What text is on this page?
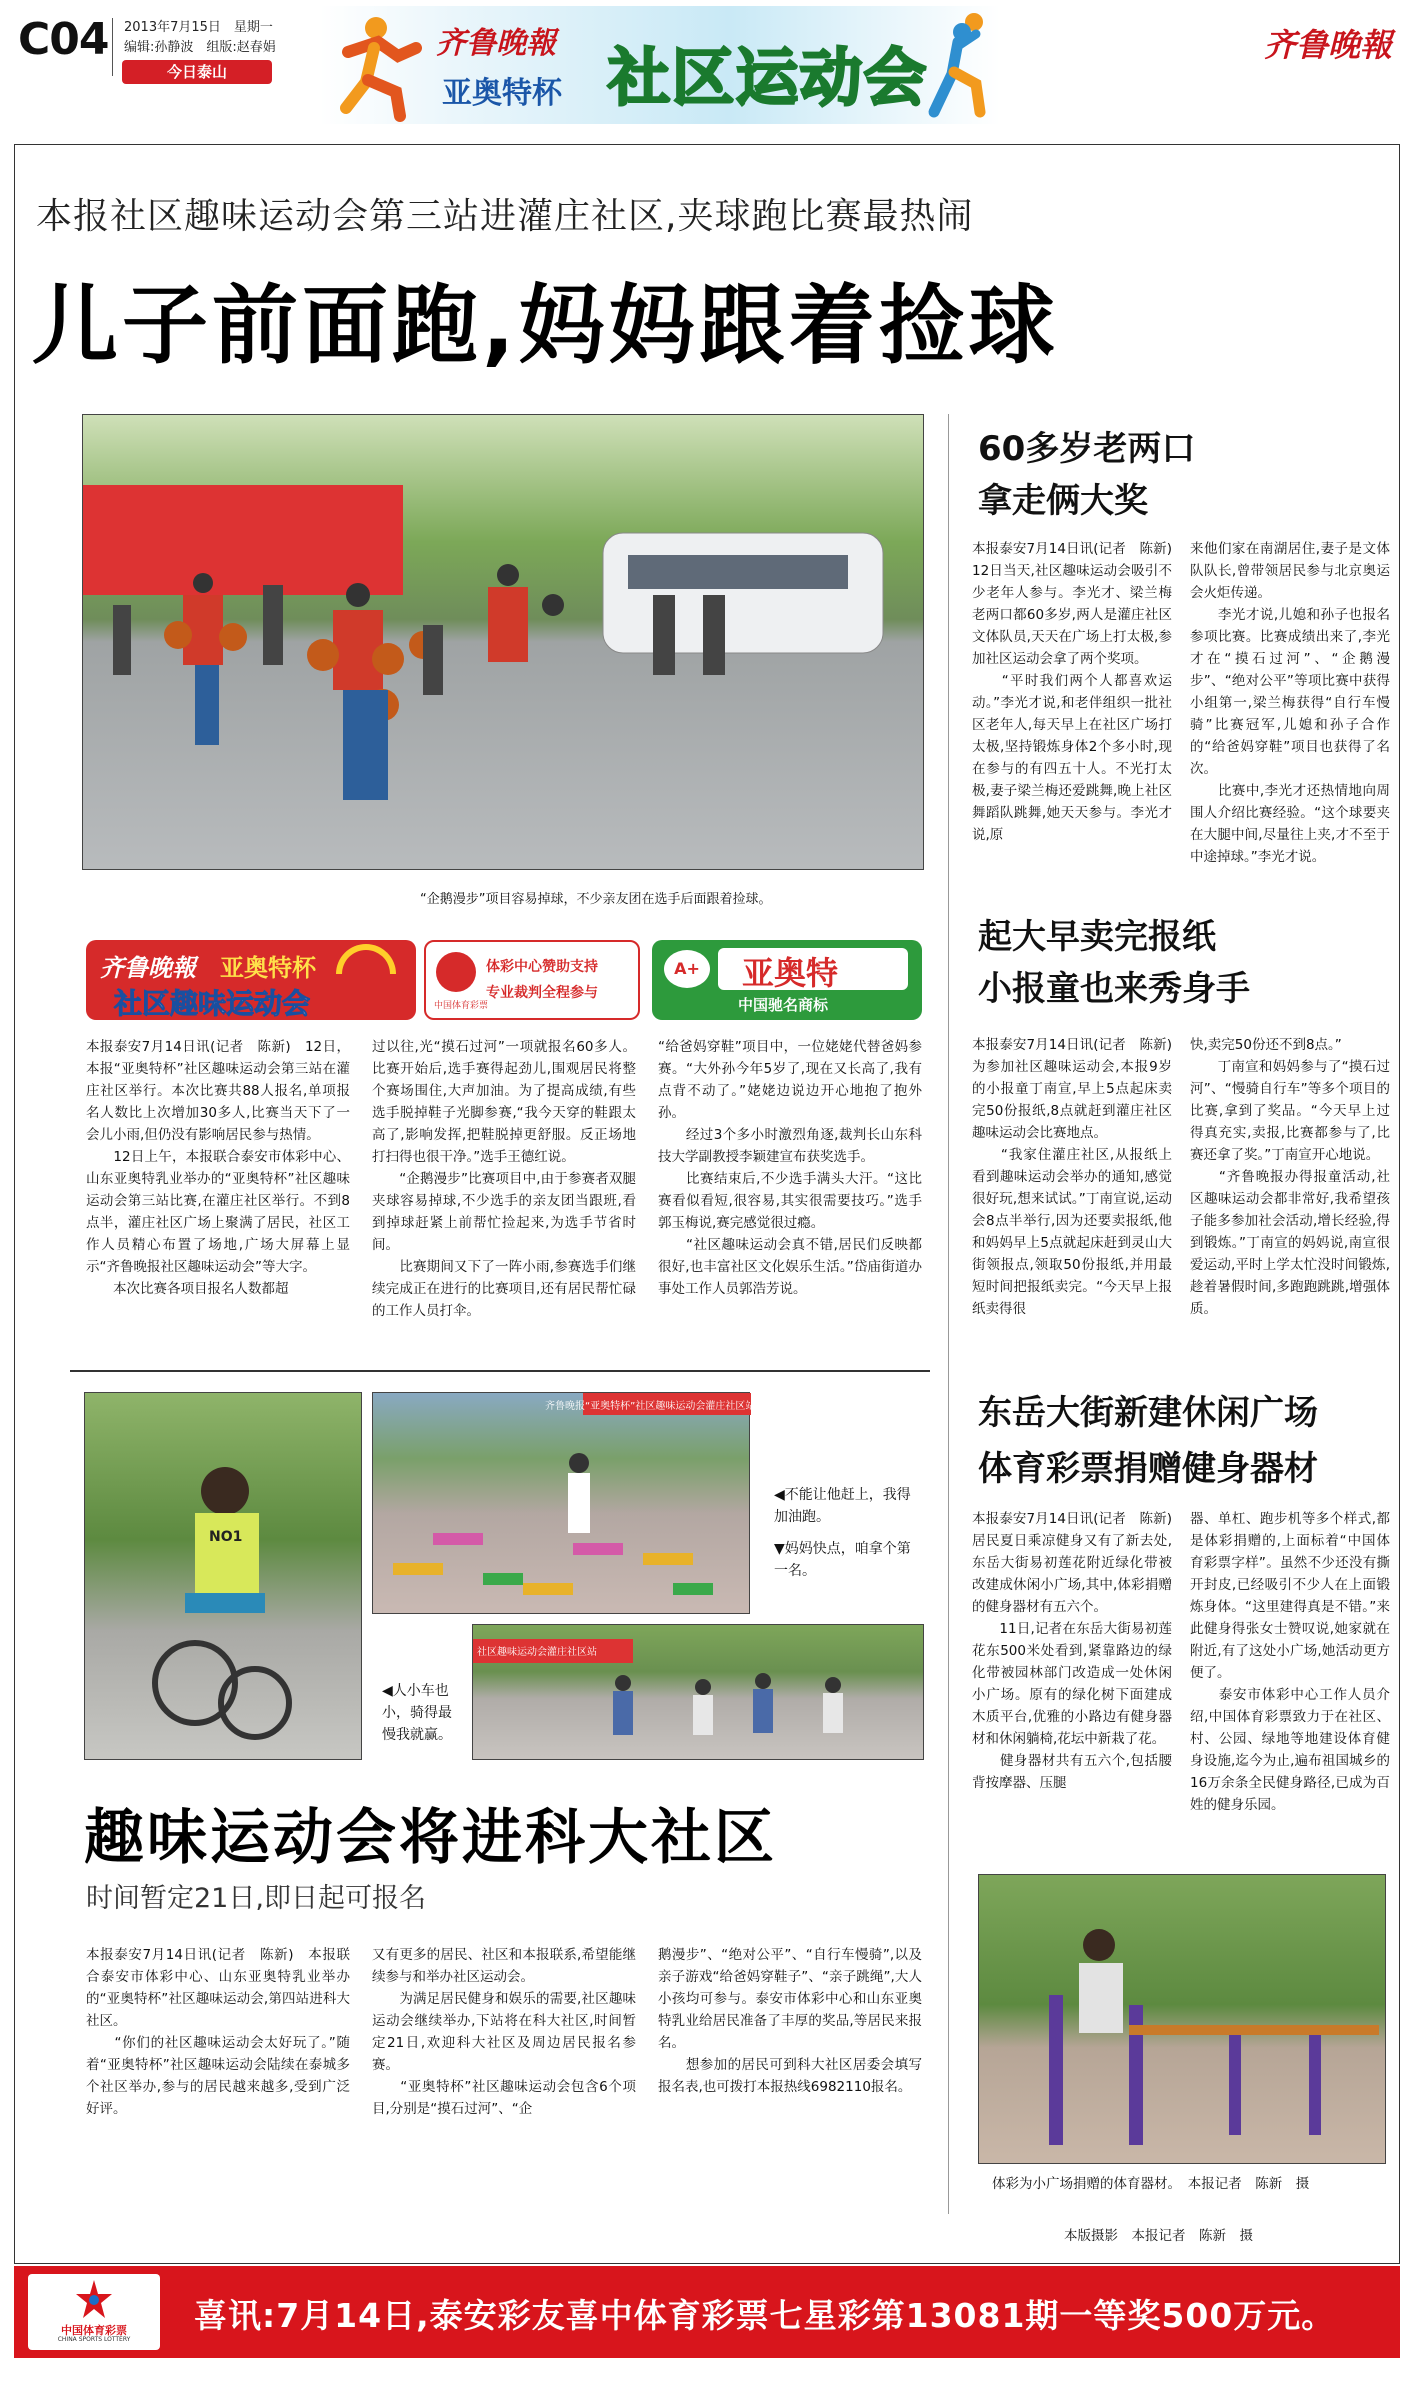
C04 2013年7月15日　星期一
编辑:孙静波　组版:赵春娟
今日泰山
齐鲁晚報
亚奥特杯 社区运动会	齐鲁晚報
本报社区趣味运动会第三站进灌庄社区,夹球跑比赛最热闹
儿子前面跑,妈妈跟着捡球
“企鹅漫步”项目容易掉球，不少亲友团在选手后面跟着捡球。
齐鲁晚報 亚奥特杯
社区趣味运动会
体彩中心赞助支持
专业裁判全程参与
中国体育彩票
A+	亚奥特
中国驰名商标
本报泰安7月14日讯(记者　陈新)　12日，本报“亚奥特杯”社区趣味运动会第三站在灌庄社区举行。本次比赛共88人报名,单项报名人数比上次增加30多人,比赛当天下了一会儿小雨,但仍没有影响居民参与热情。
　　12日上午，本报联合泰安市体彩中心、山东亚奥特乳业举办的“亚奥特杯”社区趣味运动会第三站比赛,在灌庄社区举行。不到8点半，灌庄社区广场上聚满了居民，社区工作人员精心布置了场地,广场大屏幕上显示“齐鲁晚报社区趣味运动会”等大字。
　　本次比赛各项目报名人数都超
过以往,光“摸石过河”一项就报名60多人。比赛开始后,选手赛得起劲儿,围观居民将整个赛场围住,大声加油。为了提高成绩,有些选手脱掉鞋子光脚参赛,“我今天穿的鞋跟太高了,影响发挥,把鞋脱掉更舒服。反正场地打扫得也很干净。”选手王德红说。
　　“企鹅漫步”比赛项目中,由于参赛者双腿夹球容易掉球,不少选手的亲友团当跟班,看到掉球赶紧上前帮忙捡起来,为选手节省时间。
　　比赛期间又下了一阵小雨,参赛选手们继续完成正在进行的比赛项目,还有居民帮忙碌的工作人员打伞。
“给爸妈穿鞋”项目中，一位姥姥代替爸妈参赛。“大外孙今年5岁了,现在又长高了,我有点背不动了。”姥姥边说边开心地抱了抱外孙。
　　经过3个多小时激烈角逐,裁判长山东科技大学副教授李颖建宣布获奖选手。
　　比赛结束后,不少选手满头大汗。“这比赛看似看短,很容易,其实很需要技巧。”选手郭玉梅说,赛完感觉很过瘾。
　　“社区趣味运动会真不错,居民们反映都很好,也丰富社区文化娱乐生活。”岱庙街道办事处工作人员郭浩芳说。
NO1
齐鲁晚报“亚奥特杯”社区趣味运动会灌庄社区站
◀不能让他赶上，我得加油跑。
▼妈妈快点，咱拿个第一名。
社区趣味运动会灌庄社区站
◀人小车也小，骑得最慢我就赢。
趣味运动会将进科大社区
时间暂定21日,即日起可报名
本报泰安7月14日讯(记者　陈新)　本报联合泰安市体彩中心、山东亚奥特乳业举办的“亚奥特杯”社区趣味运动会,第四站进科大社区。
　　“你们的社区趣味运动会太好玩了。”随着“亚奥特杯”社区趣味运动会陆续在泰城多个社区举办,参与的居民越来越多,受到广泛好评。
又有更多的居民、社区和本报联系,希望能继续参与和举办社区运动会。
　　为满足居民健身和娱乐的需要,社区趣味运动会继续举办,下站将在科大社区,时间暂定21日,欢迎科大社区及周边居民报名参赛。
　　“亚奥特杯”社区趣味运动会包含6个项目,分别是“摸石过河”、“企
鹅漫步”、“绝对公平”、“自行车慢骑”,以及亲子游戏“给爸妈穿鞋子”、“亲子跳绳”,大人小孩均可参与。泰安市体彩中心和山东亚奥特乳业给居民准备了丰厚的奖品,等居民来报名。
　　想参加的居民可到科大社区居委会填写报名表,也可拨打本报热线6982110报名。
60多岁老两口
拿走俩大奖
本报泰安7月14日讯(记者　陈新)　12日当天,社区趣味运动会吸引不少老年人参与。李光才、梁兰梅老两口都60多岁,两人是灌庄社区文体队员,天天在广场上打太极,参加社区运动会拿了两个奖项。
　　“平时我们两个人都喜欢运动。”李光才说,和老伴组织一批社区老年人,每天早上在社区广场打太极,坚持锻炼身体2个多小时,现在参与的有四五十人。不光打太极,妻子梁兰梅还爱跳舞,晚上社区舞蹈队跳舞,她天天参与。李光才说,原
来他们家在南湖居住,妻子是文体队队长,曾带领居民参与北京奥运会火炬传递。
　　李光才说,儿媳和孙子也报名参项比赛。比赛成绩出来了,李光才在“摸石过河”、“企鹅漫步”、“绝对公平”等项比赛中获得小组第一,梁兰梅获得“自行车慢骑”比赛冠军,儿媳和孙子合作的“给爸妈穿鞋”项目也获得了名次。
　　比赛中,李光才还热情地向周围人介绍比赛经验。“这个球要夹在大腿中间,尽量往上夹,才不至于中途掉球。”李光才说。
起大早卖完报纸
小报童也来秀身手
本报泰安7月14日讯(记者　陈新)　为参加社区趣味运动会,本报9岁的小报童丁南宣,早上5点起床卖完50份报纸,8点就赶到灌庄社区趣味运动会比赛地点。
　　“我家住灌庄社区,从报纸上看到趣味运动会举办的通知,感觉很好玩,想来试试。”丁南宣说,运动会8点半举行,因为还要卖报纸,他和妈妈早上5点就起床赶到灵山大街领报点,领取50份报纸,并用最短时间把报纸卖完。“今天早上报纸卖得很
快,卖完50份还不到8点。”
　　丁南宣和妈妈参与了“摸石过河”、“慢骑自行车”等多个项目的比赛,拿到了奖品。“今天早上过得真充实,卖报,比赛都参与了,比赛还拿了奖。”丁南宣开心地说。
　　“齐鲁晚报办得报童活动,社区趣味运动会都非常好,我希望孩子能多参加社会活动,增长经验,得到锻炼。”丁南宣的妈妈说,南宣很爱运动,平时上学太忙没时间锻炼,趁着暑假时间,多跑跑跳跳,增强体质。
东岳大街新建休闲广场
体育彩票捐赠健身器材
本报泰安7月14日讯(记者　陈新)　居民夏日乘凉健身又有了新去处,东岳大街易初莲花附近绿化带被改建成休闲小广场,其中,体彩捐赠的健身器材有五六个。
　　11日,记者在东岳大街易初莲花东500米处看到,紧靠路边的绿化带被园林部门改造成一处休闲小广场。原有的绿化树下面建成木质平台,优雅的小路边有健身器材和休闲躺椅,花坛中新栽了花。
　　健身器材共有五六个,包括腰背按摩器、压腿
器、单杠、跑步机等多个样式,都是体彩捐赠的,上面标着“中国体育彩票字样”。虽然不少还没有撕开封皮,已经吸引不少人在上面锻炼身体。“这里建得真是不错。”来此健身得张女士赞叹说,她家就在附近,有了这处小广场,她活动更方便了。
　　泰安市体彩中心工作人员介绍,中国体育彩票致力于在社区、村、公园、绿地等地建设体育健身设施,迄今为止,遍布祖国城乡的16万余条全民健身路径,已成为百姓的健身乐园。
体彩为小广场捐赠的体育器材。　本报记者　陈新　摄
本版摄影　本报记者　陈新　摄
中国体育彩票
CHINA SPORTS LOTTERY
喜讯:7月14日,泰安彩友喜中体育彩票七星彩第13081期一等奖500万元。
